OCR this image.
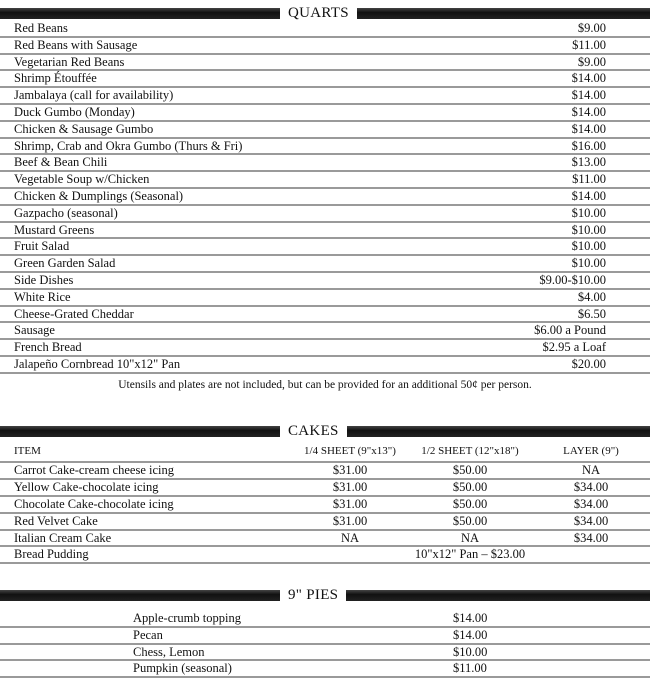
QUARTS
Red Beans	$9.00
Red Beans with Sausage	$11.00
Vegetarian Red Beans	$9.00
Shrimp Étouffée	$14.00
Jambalaya (call for availability)	$14.00
Duck Gumbo (Monday)	$14.00
Chicken & Sausage Gumbo	$14.00
Shrimp, Crab and Okra Gumbo (Thurs & Fri)	$16.00
Beef & Bean Chili	$13.00
Vegetable Soup w/Chicken	$11.00
Chicken & Dumplings (Seasonal)	$14.00
Gazpacho (seasonal)	$10.00
Mustard Greens	$10.00
Fruit Salad	$10.00
Green Garden Salad	$10.00
Side Dishes	$9.00-$10.00
White Rice	$4.00
Cheese-Grated Cheddar	$6.50
Sausage	$6.00 a Pound
French Bread	$2.95 a Loaf
Jalapeño Cornbread 10"x12" Pan	$20.00
Utensils and plates are not included, but can be provided for an additional 50¢ per person.
CAKES
ITEM	1/4 SHEET (9"x13")	1/2 SHEET (12"x18")	LAYER (9")
Carrot Cake-cream cheese icing	$31.00	$50.00	NA
Yellow Cake-chocolate icing	$31.00	$50.00	$34.00
Chocolate Cake-chocolate icing	$31.00	$50.00	$34.00
Red Velvet Cake	$31.00	$50.00	$34.00
Italian Cream Cake	NA	NA	$34.00
Bread Pudding	10"x12" Pan – $23.00
9" PIES
Apple-crumb topping	$14.00
Pecan	$14.00
Chess, Lemon	$10.00
Pumpkin (seasonal)	$11.00
